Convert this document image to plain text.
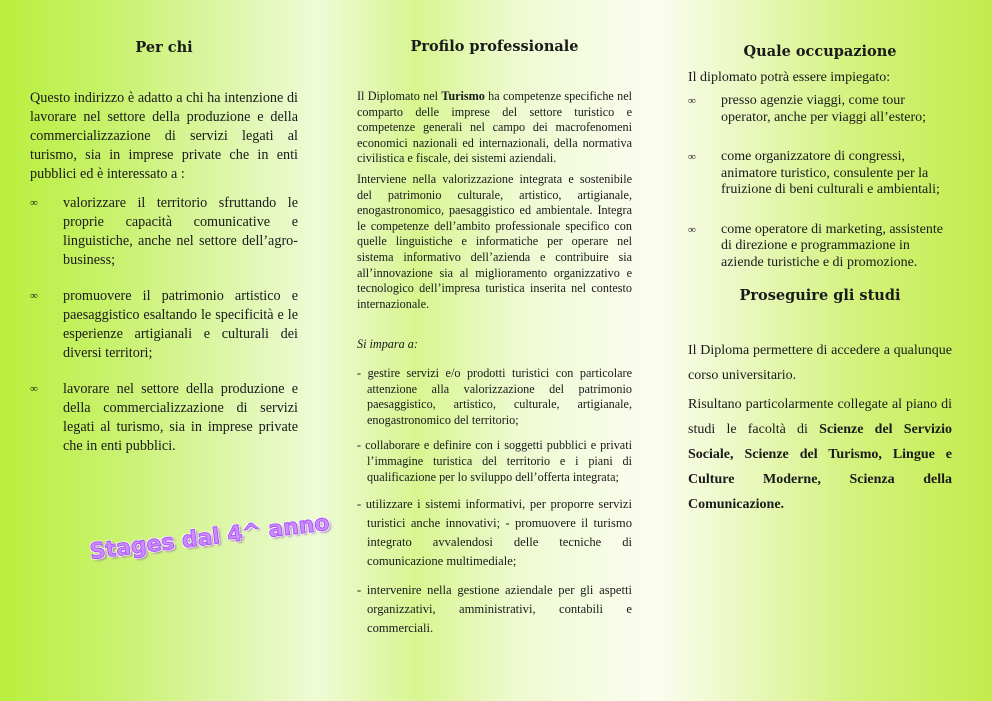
Per chi
Questo indirizzo è adatto a chi ha intenzione di lavorare nel settore della produzione e della commercializzazione di servizi legati al turismo, sia in imprese private che in enti pubblici ed è interessato a :
∞ valorizzare il territorio sfruttando le proprie capacità comunicative e linguistiche, anche nel settore dell’agro-business;
∞ promuovere il patrimonio artistico e paesaggistico esaltando le specificità e le esperienze artigianali e culturali dei diversi territori;
∞ lavorare nel settore della produzione e della commercializzazione di servizi legati al turismo, sia in imprese private che in enti pubblici.
Stages dal 4^ anno
Profilo professionale
Il Diplomato nel Turismo ha competenze specifiche nel comparto delle imprese del settore turistico e competenze generali nel campo dei macrofenomeni economici nazionali ed internazionali, della normativa civilistica e fiscale, dei sistemi aziendali.
Interviene nella valorizzazione integrata e sostenibile del patrimonio culturale, artistico, artigianale, enogastronomico, paesaggistico ed ambientale. Integra le competenze dell’ambito professionale specifico con quelle linguistiche e informatiche per operare nel sistema informativo dell’azienda e contribuire sia all’innovazione sia al miglioramento organizzativo e tecnologico dell’impresa turistica inserita nel contesto internazionale.
Si impara a:
- gestire servizi e/o prodotti turistici con particolare attenzione alla valorizzazione del patrimonio paesaggistico, artistico, culturale, artigianale, enogastronomico del territorio;
- collaborare e definire con i soggetti pubblici e privati l’immagine turistica del territorio e i piani di qualificazione per lo sviluppo dell’offerta integrata;
- utilizzare i sistemi informativi, per proporre servizi turistici anche innovativi; - promuovere il turismo integrato avvalendosi delle tecniche di comunicazione multimediale;
- intervenire nella gestione aziendale per gli aspetti organizzativi, amministrativi, contabili e commerciali.
Quale occupazione
Il diplomato potrà essere impiegato:
∞ presso agenzie viaggi, come tour operator, anche per viaggi all’estero;
∞ come organizzatore di congressi, animatore turistico, consulente per la fruizione di beni culturali e ambientali;
∞ come operatore di marketing, assistente di direzione e programmazione in aziende turistiche e di promozione.
Proseguire gli studi
Il Diploma permettere di accedere a qualunque corso universitario.
Risultano particolarmente collegate al piano di studi le facoltà di Scienze del Servizio Sociale, Scienze del Turismo, Lingue e Culture Moderne, Scienza della Comunicazione.
